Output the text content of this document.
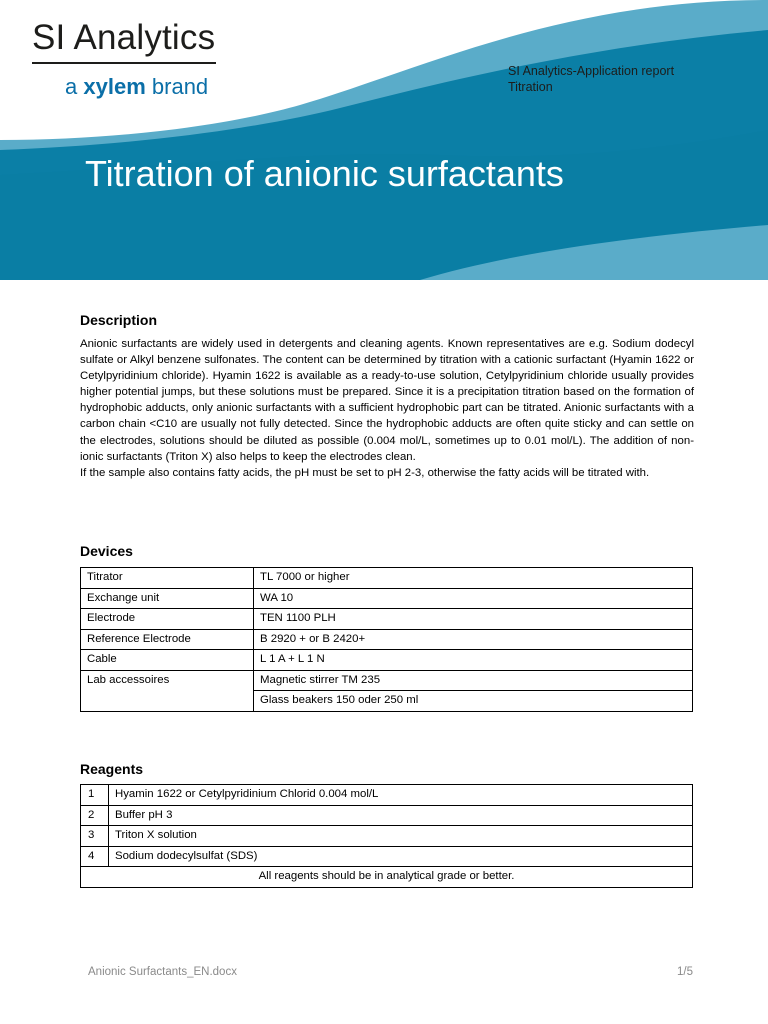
SI Analytics
a xylem brand
SI Analytics-Application report
Titration
Titration of anionic surfactants
Description

Anionic surfactants are widely used in detergents and cleaning agents. Known representatives are e.g. Sodium dodecyl sulfate or Alkyl benzene sulfonates. The content can be determined by titration with a cationic surfactant (Hyamin 1622 or Cetylpyridinium chloride). Hyamin 1622 is available as a ready-to-use solution, Cetylpyridinium chloride usually provides higher potential jumps, but these solutions must be prepared. Since it is a precipitation titration based on the formation of hydrophobic adducts, only anionic surfactants with a sufficient hydrophobic part can be titrated. Anionic surfactants with a carbon chain <C10 are usually not fully detected. Since the hydrophobic adducts are often quite sticky and can settle on the electrodes, solutions should be diluted as possible (0.004 mol/L, sometimes up to 0.01 mol/L). The addition of non-ionic surfactants (Triton X) also helps to keep the electrodes clean.

If the sample also contains fatty acids, the pH must be set to pH 2-3, otherwise the fatty acids will be titrated with.

Devices
Titrator	TL 7000 or higher
Exchange unit	WA 10
Electrode	TEN 1100 PLH
Reference Electrode	B 2920 + or B 2420+
Cable	L 1 A + L 1 N
Lab accessoires	Magnetic stirrer TM 235
	Glass beakers 150 oder 250 ml
Reagents
1	Hyamin 1622 or Cetylpyridinium Chlorid 0.004 mol/L
2	Buffer pH 3
3	Triton X solution
4	Sodium dodecylsulfat (SDS)
All reagents should be in analytical grade or better.	
Anionic Surfactants_EN.docx	1/5
